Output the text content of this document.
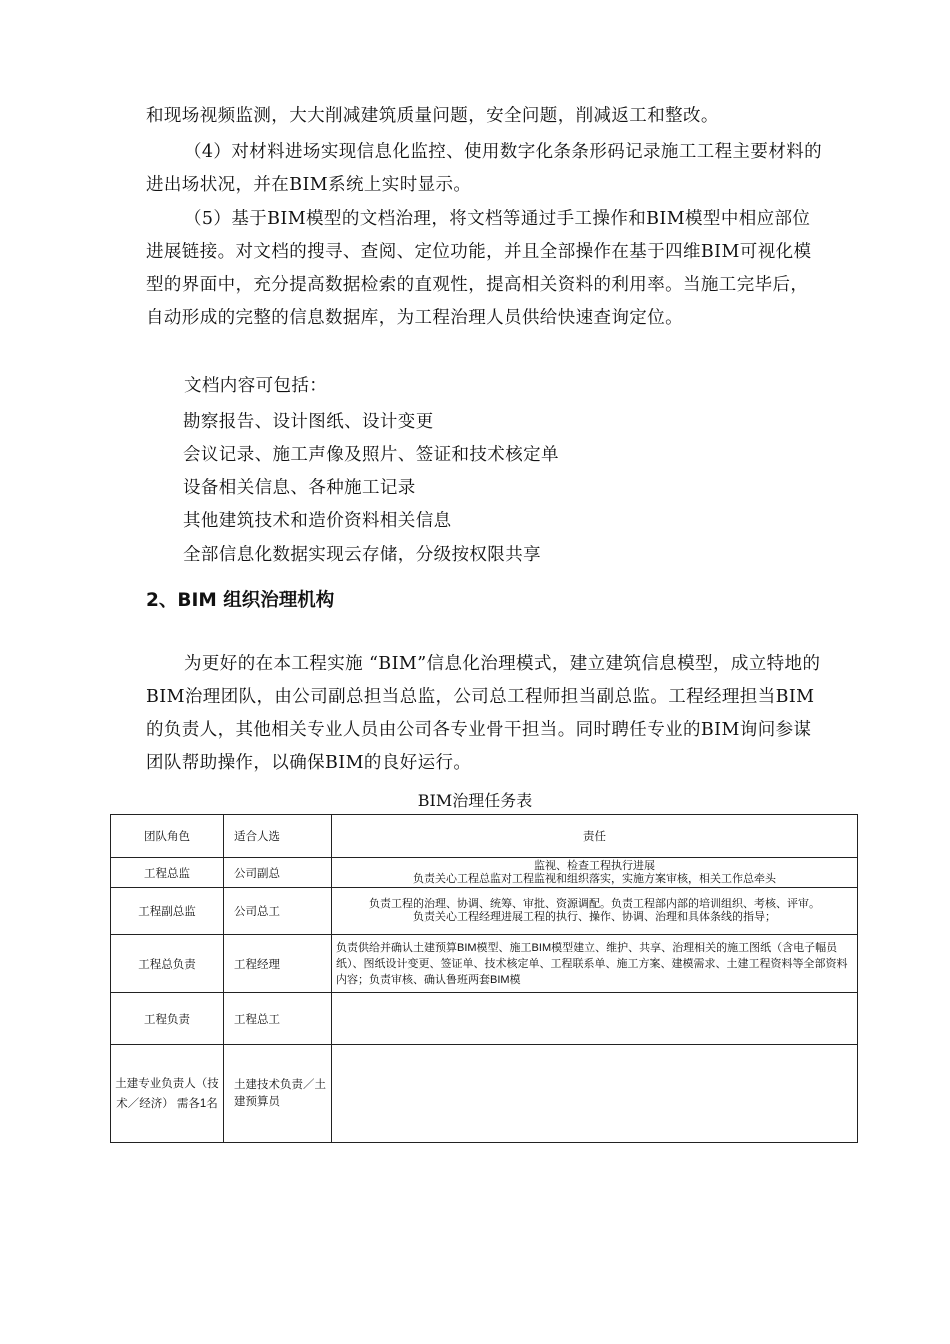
和现场视频监测，大大削减建筑质量问题，安全问题，削减返工和整改。

（4）对材料进场实现信息化监控、使用数字化条条形码记录施工工程主要材料的进出场状况，并在BIM系统上实时显示。

（5）基于BIM模型的文档治理，将文档等通过手工操作和BIM模型中相应部位进展链接。对文档的搜寻、查阅、定位功能，并且全部操作在基于四维BIM可视化模型的界面中，充分提高数据检索的直观性，提高相关资料的利用率。当施工完毕后，自动形成的完整的信息数据库，为工程治理人员供给快速查询定位。

文档内容可包括：

勘察报告、设计图纸、设计变更

会议记录、施工声像及照片、签证和技术核定单

设备相关信息、各种施工记录

其他建筑技术和造价资料相关信息

全部信息化数据实现云存储，分级按权限共享

2、BIM 组织治理机构

为更好的在本工程实施 “BIM”信息化治理模式，建立建筑信息模型，成立特地的BIM治理团队，由公司副总担当总监，公司总工程师担当副总监。工程经理担当BIM的负责人，其他相关专业人员由公司各专业骨干担当。同时聘任专业的BIM询问参谋团队帮助操作，以确保BIM的良好运行。

BIM治理任务表

团队角色	适合人选	责任
工程总监	公司副总	监视、检查工程执行进展
负责关心工程总监对工程监视和组织落实，实施方案审核，相关工作总牵头
工程副总监	公司总工	负责工程的治理、协调、统筹、审批、资源调配。负责工程部内部的培训组织、考核、评审。
负责关心工程经理进展工程的执行、操作、协调、治理和具体条线的指导；
工程总负责	工程经理	负责供给并确认土建预算BIM模型、施工BIM模型建立、维护、共享、治理相关的施工图纸（含电子幅员纸）、图纸设计变更、签证单、技术核定单、工程联系单、施工方案、建模需求、土建工程资料等全部资料内容；负责审核、确认鲁班两套BIM模
工程负责	工程总工	
土建专业负责人（技术／经济） 需各1名	土建技术负责／土建预算员	
